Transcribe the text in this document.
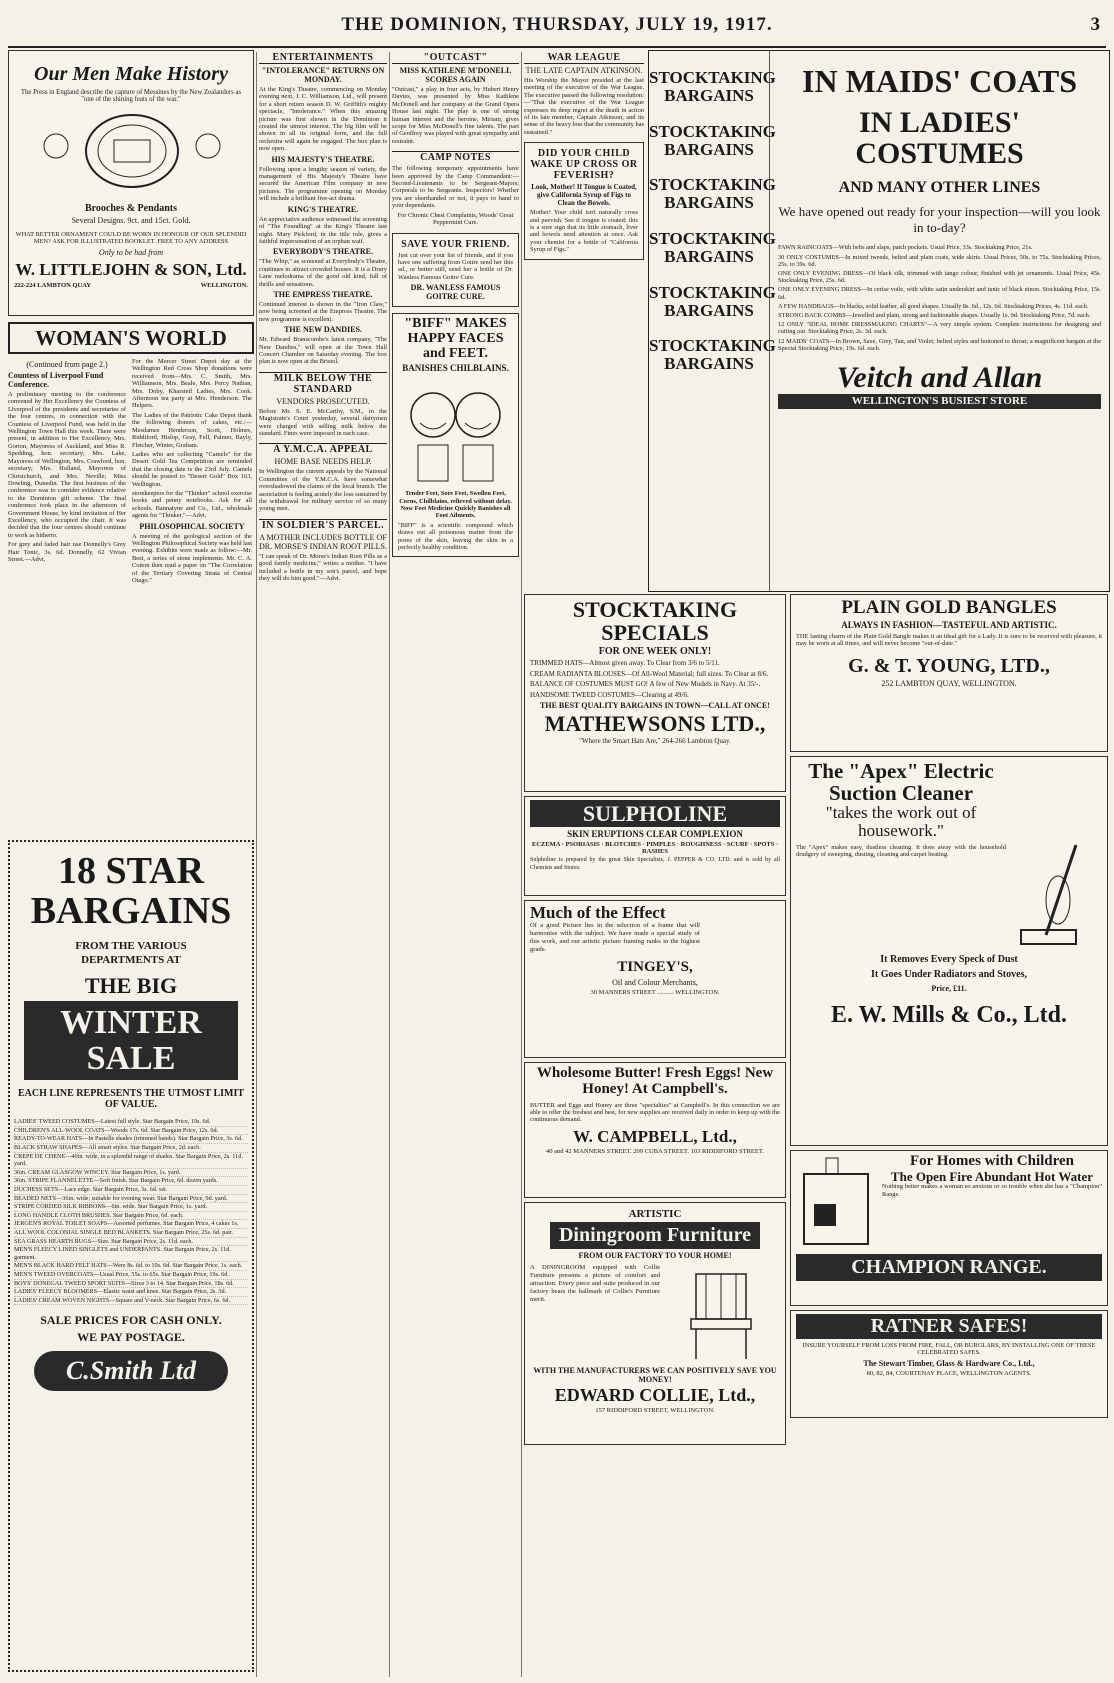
THE DOMINION, THURSDAY, JULY 19, 1917.	3
Our Men Make History

The Press in England describe the capture of Messines by the New Zealanders as "one of the shining feats of the war."

Brooches & Pendants
Several Designs. 9ct. and 15ct. Gold.

WHAT BETTER ORNAMENT COULD BE WORN IN HONOUR OF OUR SPLENDID MEN? ASK FOR ILLUSTRATED BOOKLET. FREE TO ANY ADDRESS

Only to be had from
W. LITTLEJOHN & SON, Ltd.
222-224 LAMBTON QUAY	WELLINGTON.
WOMAN'S WORLD
(Continued from page 2.)
Countess of Liverpool Fund Conference.

A preliminary meeting to the conference convened by Her Excellency the Countess of Liverpool of the presidents and secretaries of the four centres, in connection with the Countess of Liverpool Fund, was held in the Wellington Town Hall this week. There were present, in addition to Her Excellency, Mrs. Gorton, Mayoress of Auckland, and Miss R. Spedding, hon. secretary; Mrs. Lake, Mayoress of Wellington, Mrs. Crawford, hon. secretary; Mrs. Holland, Mayoress of Christchurch, and Mrs. Neville; Miss Dowling, Dunedin. The first business of the conference was to consider evidence relative to the Dominion gift scheme. The final conference took place in the afternoon of Government House, by kind invitation of Her Excellency, who occupied the chair. It was decided that the four centres should continue to work as hitherto.

For grey and faded hair use Donnelly's Grey Hair Tonic, 3s. 6d. Donnelly, 62 Vivian Street.—Advt.

For the Mercer Street Depot day at the Wellington Red Cross Shop donations were received from—Mrs. C. Smith, Mrs. Williamson, Mrs. Beale, Mrs. Percy Nathan, Mrs. Doby, Kharsteil Ladies, Mrs. Cook. Afternoon tea party at Mrs. Henderson. The Helpers.

The Ladies of the Patriotic Cake Depot thank the following donors of cakes, etc.:—Mesdames Henderson, Scott, Holmes, Riddiford, Hislop, Gray, Fell, Palmer, Bayly, Fletcher, Winter, Graham.

Ladies who are collecting "Camels" for the Desert Gold Tea Competition are reminded that the closing date is the 23rd July. Camels should be posted to "Desert Gold" Box 163, Wellington.

storekeepers for the "Thinker" school exercise books and penny notebooks. Ask for all schools. Bannatyne and Co., Ltd., wholesale agents for "Thinker."—Advt.

PHILOSOPHICAL SOCIETY

A meeting of the geological section of the Wellington Philosophical Society was held last evening. Exhibits were made as follow:—Mr. Best, a series of stone implements. Mr. C. A. Cotton then read a paper on "The Correlation of the Tertiary Covering Strata of Central Otago."

18 STAR
BARGAINS
FROM THE VARIOUS
DEPARTMENTS AT
THE BIG
WINTER SALE
EACH LINE REPRESENTS THE UTMOST LIMIT OF VALUE.
LADIES' TWEED COSTUMES—Latest full style. Star Bargain Price, 19s. 6d.
CHILDREN'S ALL-WOOL COATS—Woods 17s. 6d. Star Bargain Price, 12s. 6d.
READY-TO-WEAR HATS—In Pastelle shades (trimmed bands). Star Bargain Price, 3s. 6d.
BLACK STRAW SHAPES—All smart styles. Star Bargain Price, 2d. each.
CREPE DE CHENE—40in. wide, in a splendid range of shades. Star Bargain Price, 2s. 11d. yard.
36in. CREAM GLASGOW WINCEY. Star Bargain Price, 1s. yard.
36in. STRIPE FLANNELETTE—Soft finish. Star Bargain Price, 6d. dozen yards.
DUCHESS SETS—Lace edge. Star Bargain Price, 3s. 6d. set.
BEADED NETS—36in. wide; suitable for evening wear. Star Bargain Price, 9d. yard.
STRIPE CORDED SILK RIBBONS—6in. wide. Star Bargain Price, 1s. yard.
LONG HANDLE CLOTH BRUSHES. Star Bargain Price, 6d. each.
JERGEN'S ROYAL TOILET SOAPS—Assorted perfumes. Star Bargain Price, 4 cakes 1s.
ALL WOOL COLONIAL SINGLE BED BLANKETS. Star Bargain Price, 25s. 6d. pair.
SEA GRASS HEARTH RUGS—Size. Star Bargain Price, 2s. 11d. each.
MEN'S FLEECY LINED SINGLETS and UNDERPANTS. Star Bargain Price, 2s. 11d. garment.
MEN'S BLACK HARD FELT HATS—Were 8s. 6d. to 10s. 6d. Star Bargain Price, 1s. each.
MEN'S TWEED OVERCOATS—Usual Price, 55s. to 65s. Star Bargain Price, 19s. 6d.
BOYS' DONEGAL TWEED SPORT SUITS—Sizes 3 to 14. Star Bargain Price, 18s. 6d.
LADIES' FLEECY BLOOMERS—Elastic waist and knee. Star Bargain Price, 2s. 3d.
LADIES' CREAM WOVEN NIGHTS—Square and V-neck. Star Bargain Price, 6s. 6d.
SALE PRICES FOR CASH ONLY.
WE PAY POSTAGE.
C.Smith Ltd
ENTERTAINMENTS
"INTOLERANCE" RETURNS ON MONDAY.

At the King's Theatre, commencing on Monday evening next, J. C. Williamson, Ltd., will present for a short return season D. W. Griffith's mighty spectacle, "Intolerance." When this amazing picture was first shown in the Dominion it created the utmost interest. The big film will be shown in all its original form, and the full orchestra will again be engaged. The box plan is now open.

HIS MAJESTY'S THEATRE.

Following upon a lengthy season of variety, the management of His Majesty's Theatre have secured the American Film company in new pictures. The programme opening on Monday will include a brilliant five-act drama.

KING'S THEATRE.

An appreciative audience witnessed the screening of "The Foundling" at the King's Theatre last night. Mary Pickford, in the title role, gives a faithful impersonation of an orphan waif.

EVERYBODY'S THEATRE.

"The Whip," as screened at Everybody's Theatre, continues to attract crowded houses. It is a Drury Lane melodrama of the good old kind, full of thrills and sensations.

THE EMPRESS THEATRE.

Continued interest is shown in the "Iron Claw," now being screened at the Empress Theatre. The new programme is excellent.

THE NEW DANDIES.

Mr. Edward Branscombe's latest company, "The New Dandies," will open at the Town Hall Concert Chamber on Saturday evening. The box plan is now open at the Bristol.

MILK BELOW THE STANDARD
VENDORS PROSECUTED.

Before Mr. S. E. McCarthy, S.M., in the Magistrate's Court yesterday, several dairymen were charged with selling milk below the standard. Fines were imposed in each case.

A Y.M.C.A. APPEAL
HOME BASE NEEDS HELP.

In Wellington the current appeals by the National Committee of the Y.M.C.A. have somewhat overshadowed the claims of the local branch. The association is feeling acutely the loss sustained by the withdrawal for military service of so many young men.

IN SOLDIER'S PARCEL.
A MOTHER INCLUDES BOTTLE OF DR. MORSE'S INDIAN ROOT PILLS.

"I can speak of Dr. Morse's Indian Root Pills as a good family medicine," writes a mother. "I have included a bottle in my son's parcel, and hope they will do him good."—Advt.

"OUTCAST"
MISS KATHLENE M'DONELL SCORES AGAIN

"Outcast," a play in four acts, by Hubert Henry Davies, was presented by Miss Kathlene McDonell and her company at the Grand Opera House last night. The play is one of strong human interest and the heroine, Miriam, gives scope for Miss McDonell's fine talents. The part of Geoffrey was played with great sympathy and restraint.

CAMP NOTES

The following temporary appointments have been approved by the Camp Commandant:—Second-Lieutenants to be Sergeant-Majors; Corporals to be Sergeants. Inspectors! Whether you are shorthanded or not, it pays to hand to your dependants.

For Chronic Chest Complaints, Woods' Great Peppermint Cure.

SAVE YOUR FRIEND.

Just cut over your list of friends, and if you have one suffering from Goitre send her this ad., or better still, send her a bottle of Dr. Wanless Famous Goitre Cure.

DR. WANLESS FAMOUS GOITRE CURE.
"BIFF" MAKES HAPPY FACES and FEET.
BANISHES CHILBLAINS.

Tender Feet, Sore Feet, Swollen Feet, Corns, Chilblains, relieved without delay. Now Feet Medicine Quickly Banishes all Foot Ailments.

"BIFF" is a scientific compound which draws out all poisonous matter from the pores of the skin, leaving the skin in a perfectly healthy condition.

WAR LEAGUE
THE LATE CAPTAIN ATKINSON.

His Worship the Mayor presided at the last meeting of the executive of the War League. The executive passed the following resolution:—"That the executive of the War League expresses its deep regret at the death in action of its late member, Captain Atkinson, and its sense of the heavy loss that the community has sustained."

DID YOUR CHILD WAKE UP CROSS OR FEVERISH?
Look, Mother! If Tongue is Coated, give California Syrup of Figs to Clean the Bowels.

Mother! Your child isn't naturally cross and peevish. See if tongue is coated; this is a sure sign that its little stomach, liver and bowels need attention at once. Ask your chemist for a bottle of "California Syrup of Figs."

STOCKTAKING BARGAINS
STOCKTAKING BARGAINS
STOCKTAKING BARGAINS
STOCKTAKING BARGAINS
STOCKTAKING BARGAINS
STOCKTAKING BARGAINS
IN MAIDS' COATS
IN LADIES' COSTUMES
AND MANY OTHER LINES
We have opened out ready for your inspection—will you look in to-day?

FAWN RAINCOATS—With belts and slaps, patch pockets. Usual Price, 33s. Stocktaking Price, 21s.

30 ONLY COSTUMES—In mixed tweeds, belted and plain coats, wide skirts. Usual Prices, 50s. to 75s. Stocktaking Prices, 25s. to 39s. 6d.

ONE ONLY EVENING DRESS—Of black silk, trimmed with tango colour, finished with jet ornaments. Usual Price, 45s. Stocktaking Price, 25s. 6d.

ONE ONLY EVENING DRESS—In cerise voile, with white satin underskirt and tunic of black ninon. Stocktaking Price, 15s. 6d.

A FEW HANDBAGS—In blacks, solid leather, all good shapes. Usually 8s. 6d., 12s. 6d. Stocktaking Prices, 4s. 11d. each.

STRONG BACK COMBS—Jewelled and plain, strong and fashionable shapes. Usually 1s. 9d. Stocktaking Price, 7d. each.

12 ONLY "IDEAL HOME DRESSMAKING CHARTS"—A very simple system. Complete instructions for designing and cutting out. Stocktaking Price, 2s. 3d. each.

12 MAIDS' COATS—In Brown, Saxe, Grey, Tan, and Violet; belted styles and buttoned to throat; a magnificent bargain at the Special Stocktaking Price, 19s. 6d. each.

Veitch and Allan
WELLINGTON'S BUSIEST STORE
STOCKTAKING SPECIALS
FOR ONE WEEK ONLY!

TRIMMED HATS—Almost given away. To Clear from 3/6 to 5/11.

CREAM RADIANTA BLOUSES—Of All-Wool Material; full sizes. To Clear at 8/6.

BALANCE OF COSTUMES MUST GO! A few of New Models in Navy. At 35/-.

HANDSOME TWEED COSTUMES—Clearing at 49/6.

THE BEST QUALITY BARGAINS IN TOWN—CALL AT ONCE!
MATHEWSONS LTD.,
"Where the Smart Hats Are," 264-266 Lambton Quay.
SULPHOLINE
SKIN ERUPTIONS CLEAR COMPLEXION
ECZEMA · PSORIASIS · BLOTCHES · PIMPLES · ROUGHNESS · SCURF · SPOTS · RASHES

Sulpholine is prepared by the great Skin Specialists, J. PEPPER & CO. LTD. and is sold by all Chemists and Stores.

Much of the Effect

Of a good Picture lies in the selection of a frame that will harmonise with the subject. We have made a special study of this work, and our artistic picture framing ranks in the highest grade.

TINGEY'S,
Oil and Colour Merchants,
30 MANNERS STREET .......... WELLINGTON.
Wholesome Butter! Fresh Eggs! New Honey! At Campbell's.

BUTTER and Eggs and Honey are three "specialties" at Campbell's. In this connection we are able to offer the freshest and best, for new supplies are received daily in order to keep up with the continuous demand.

W. CAMPBELL, Ltd.,
40 and 42 MANNERS STREET. 209 CUBA STREET. 103 RIDDIFORD STREET.
ARTISTIC
Diningroom Furniture
FROM OUR FACTORY TO YOUR HOME!

A DININGROOM equipped with Collie Furniture presents a picture of comfort and attraction. Every piece and suite produced in our factory bears the hallmark of Collie's Furniture merit.

WITH THE MANUFACTURERS WE CAN POSITIVELY SAVE YOU MONEY!
EDWARD COLLIE, Ltd.,
157 RIDDIFORD STREET, WELLINGTON.
PLAIN GOLD BANGLES
ALWAYS IN FASHION—TASTEFUL AND ARTISTIC.

THE lasting charm of the Plain Gold Bangle makes it an ideal gift for a Lady. It is sure to be received with pleasure, it may be worn at all times, and will never become "out-of-date."

G. & T. YOUNG, LTD.,
252 LAMBTON QUAY, WELLINGTON.
The "Apex" Electric Suction Cleaner
"takes the work out of housework."

The "Apex" makes easy, dustless cleaning. It does away with the household drudgery of sweeping, dusting, cleaning and carpet beating.

It Removes Every Speck of Dust
It Goes Under Radiators and Stoves,
Price, £11.
E. W. Mills & Co., Ltd.
For Homes with Children
The Open Fire Abundant Hot Water

Nothing better makes a woman so anxious or so trouble when she has a "Champion" Range.

CHAMPION RANGE.
RATNER SAFES!

INSURE YOURSELF FROM LOSS FROM FIRE, FALL, OR BURGLARS, BY INSTALLING ONE OF THESE CELEBRATED SAFES.

The Stewart Timber, Glass & Hardware Co., Ltd.,
80, 82, 84, COURTENAY PLACE, WELLINGTON AGENTS.
